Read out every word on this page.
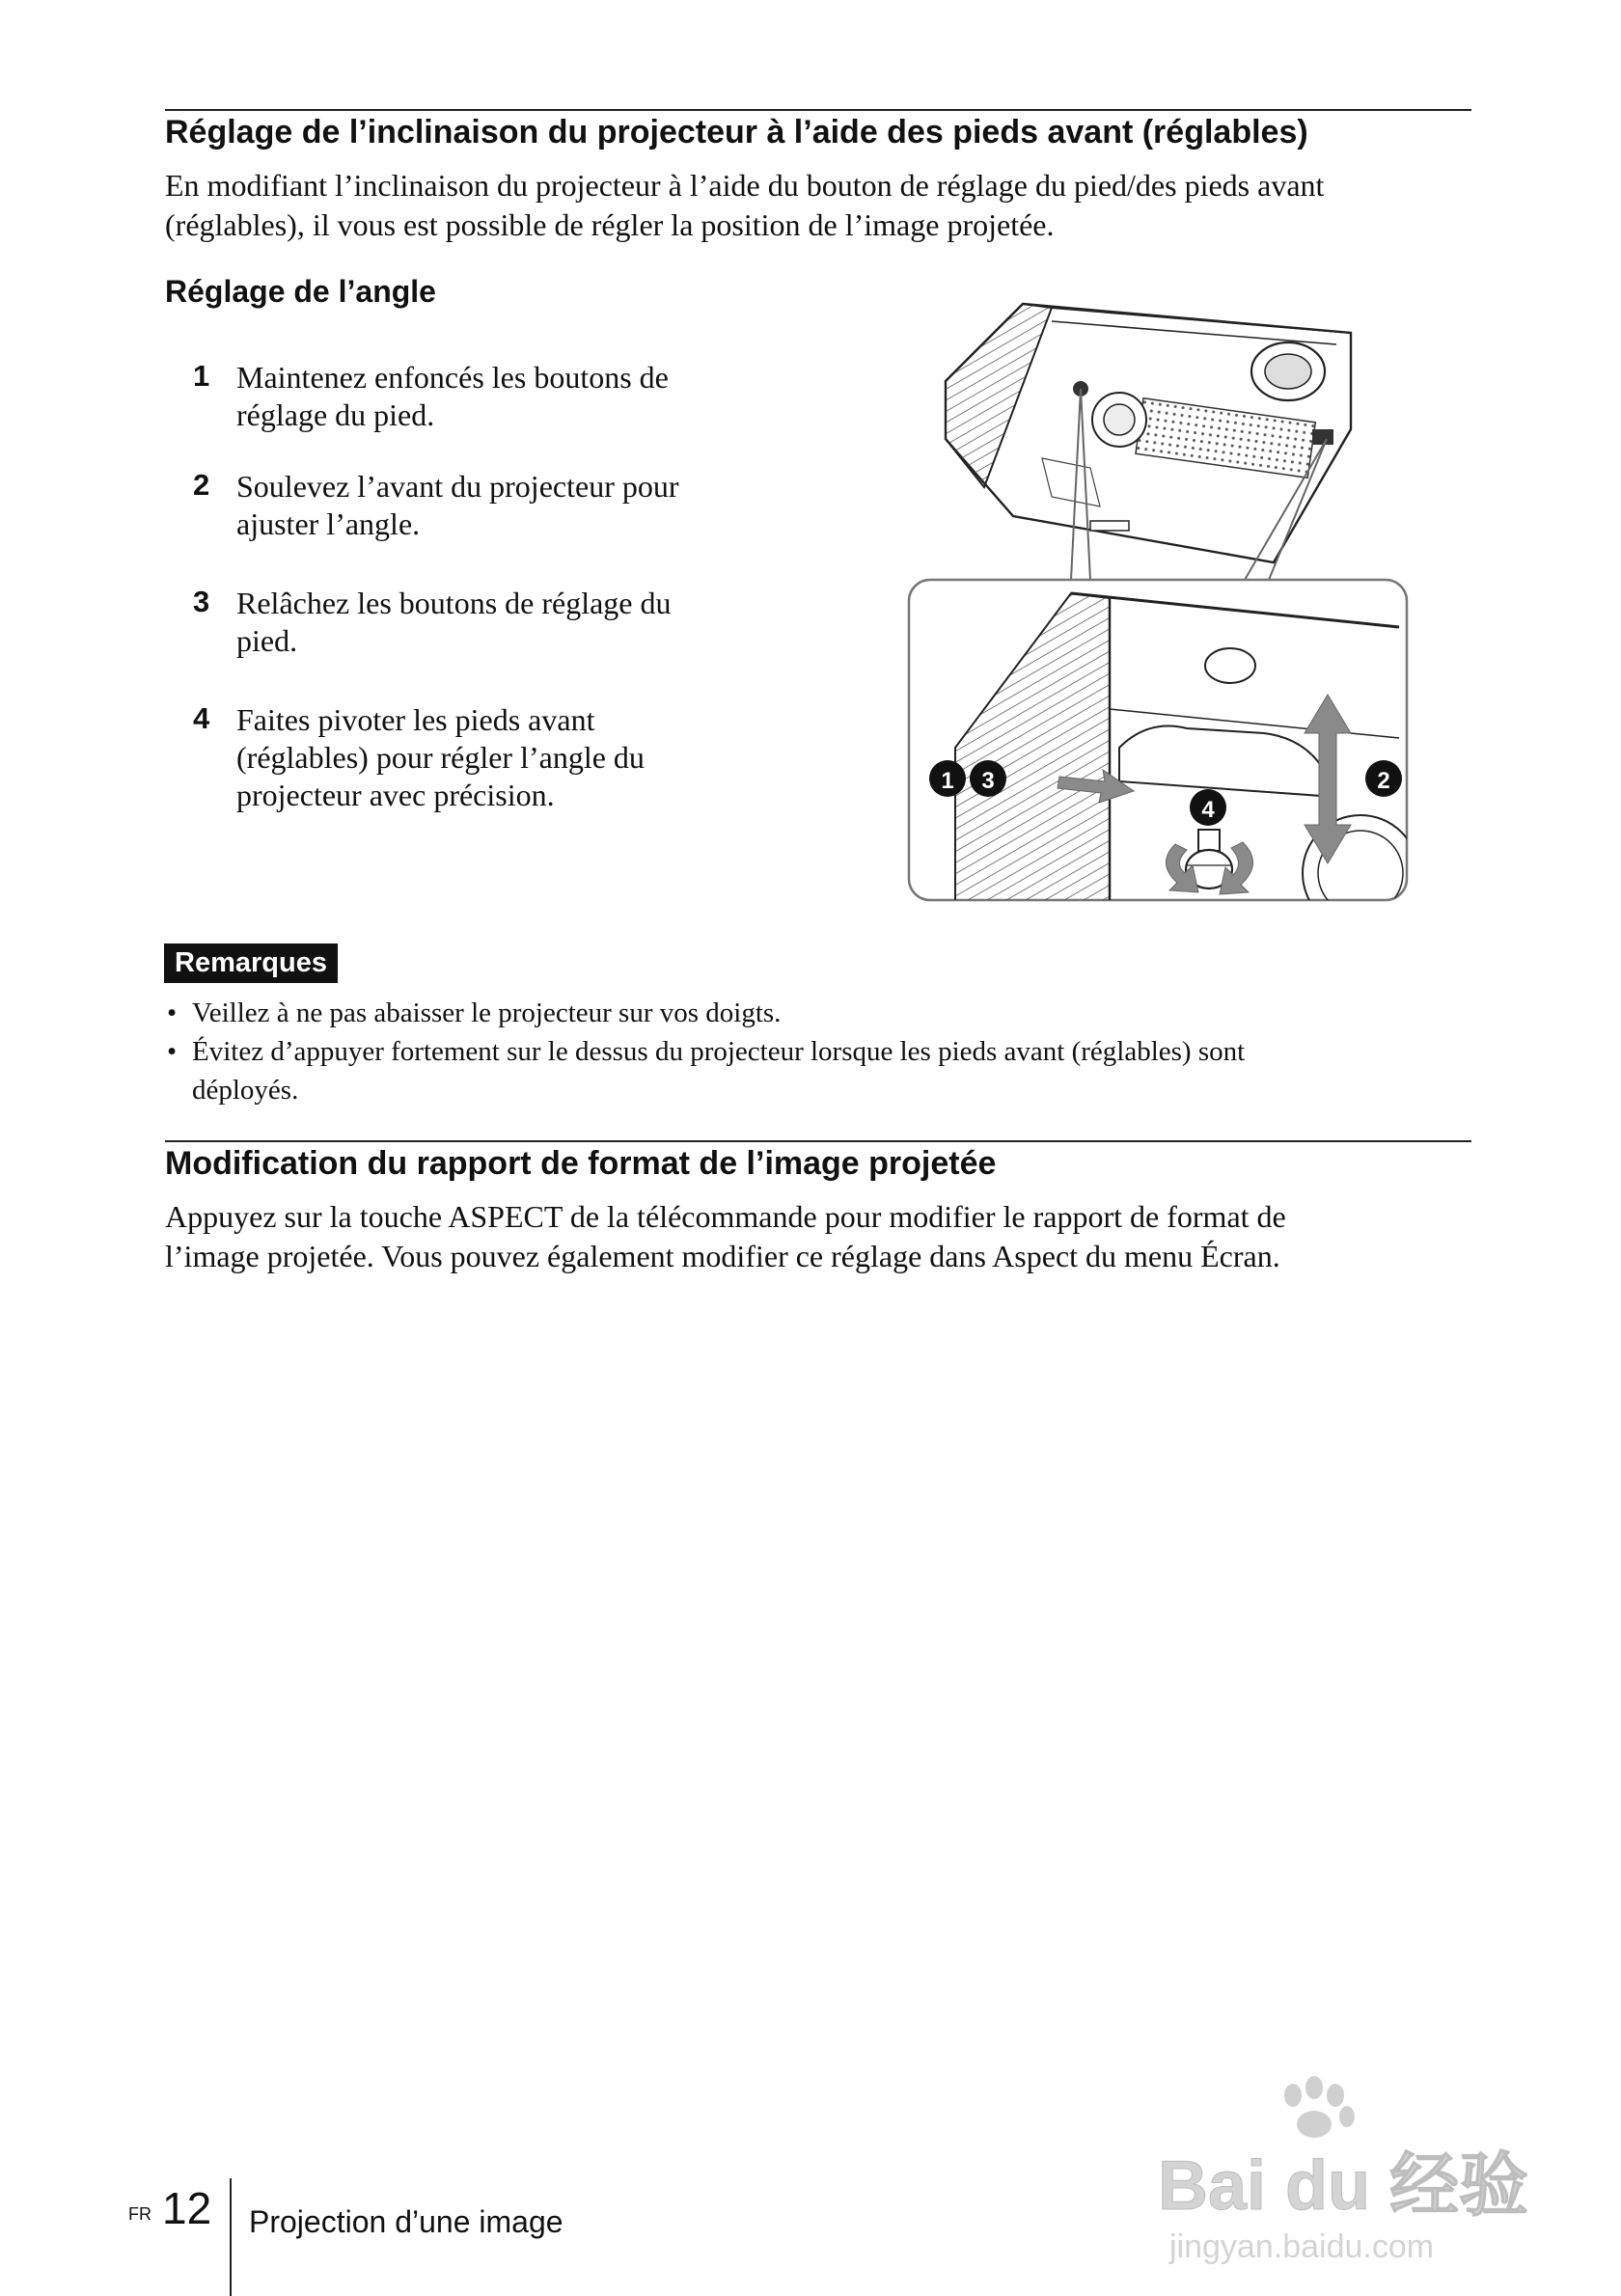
Réglage de l’inclinaison du projecteur à l’aide des pieds avant (réglables)

En modifiant l’inclinaison du projecteur à l’aide du bouton de réglage du pied/des pieds avant
(réglables), il vous est possible de régler la position de l’image projetée.

Réglage de l’angle
1 Maintenez enfoncés les boutons de
réglage du pied.
2 Soulevez l’avant du projecteur pour
ajuster l’angle.
3 Relâchez les boutons de réglage du
pied.
4 Faites pivoter les pieds avant
(réglables) pour régler l’angle du
projecteur avec précision.	1 3	2
4
Remarques
• Veillez à ne pas abaisser le projecteur sur vos doigts.
• Évitez d’appuyer fortement sur le dessus du projecteur lorsque les pieds avant (réglables) sont
déployés.
Modification du rapport de format de l’image projetée

Appuyez sur la touche ASPECT de la télécommande pour modifier le rapport de format de
l’image projetée. Vous pouvez également modifier ce réglage dans Aspect du menu Écran.

Bai du 经验
jingyan.baidu.com
FR 12 Projection d’une image
